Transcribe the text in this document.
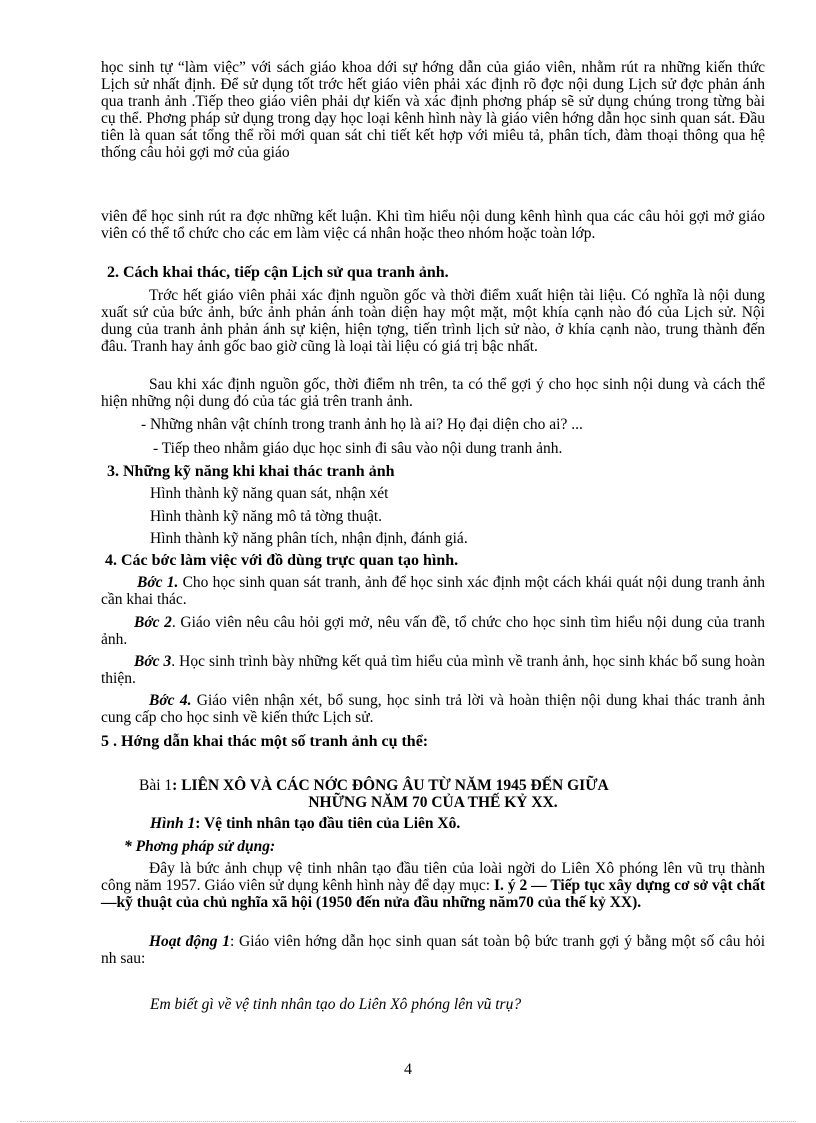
học sinh tự “làm việc” với sách giáo khoa dới sự hớng dẫn của giáo viên, nhằm rút ra những kiến thức Lịch sử nhất định. Để sử dụng tốt trớc hết giáo viên phải xác định rõ đợc nội dung Lịch sử đợc phản ánh qua tranh ảnh .Tiếp theo giáo viên phải dự kiến và xác định phơng pháp sẽ sử dụng chúng trong từng bài cụ thể. Phơng pháp sử dụng trong dạy học loại kênh hình này là giáo viên hớng dẫn học sinh quan sát. Đầu tiên là quan sát tổng thể rồi mới quan sát chi tiết kết hợp với miêu tả, phân tích, đàm thoại thông qua hệ thống câu hỏi gợi mở của giáo

viên để học sinh rút ra đợc những kết luận. Khi tìm hiểu nội dung kênh hình qua các câu hỏi gợi mở giáo viên có thể tổ chức cho các em làm việc cá nhân hoặc theo nhóm hoặc toàn lớp.

2. Cách khai thác, tiếp cận Lịch sử qua tranh ảnh.

Trớc hết giáo viên phải xác định nguồn gốc và thời điểm xuất hiện tài liệu. Có nghĩa là nội dung xuất sứ của bức ảnh, bức ảnh phản ánh toàn diện hay một mặt, một khía cạnh nào đó của Lịch sử. Nội dung của tranh ảnh phản ánh sự kiện, hiện tợng, tiến trình lịch sử nào, ở khía cạnh nào, trung thành đến đâu. Tranh hay ảnh gốc bao giờ cũng là loại tài liệu có giá trị bậc nhất.

Sau khi xác định nguồn gốc, thời điểm nh trên, ta có thể gợi ý cho học sinh nội dung và cách thể hiện những nội dung đó của tác giả trên tranh ảnh.

- Những nhân vật chính trong tranh ảnh họ là ai? Họ đại diện cho ai? ...

- Tiếp theo nhằm giáo dục học sinh đi sâu vào nội dung tranh ảnh.

3. Những kỹ năng khi khai thác tranh ảnh

Hình thành kỹ năng quan sát, nhận xét

Hình thành kỹ năng mô tả tờng thuật.

Hình thành kỹ năng phân tích, nhận định, đánh giá.

4. Các bớc làm việc với đồ dùng trực quan tạo hình.

Bớc 1. Cho học sinh quan sát tranh, ảnh để học sinh xác định một cách khái quát nội dung tranh ảnh cần khai thác.

Bớc 2. Giáo viên nêu câu hỏi gợi mở, nêu vấn đề, tổ chức cho học sinh tìm hiểu nội dung của tranh ảnh.

Bớc 3. Học sinh trình bày những kết quả tìm hiểu của mình về tranh ảnh, học sinh khác bổ sung hoàn thiện.

Bớc 4. Giáo viên nhận xét, bổ sung, học sinh trả lời và hoàn thiện nội dung khai thác tranh ảnh cung cấp cho học sinh về kiến thức Lịch sử.

5 . Hớng dẫn khai thác một số tranh ảnh cụ thể:

Bài 1: LIÊN XÔ VÀ CÁC NỚC ĐÔNG ÂU TỪ NĂM 1945 ĐẾN GIỮA

NHỮNG NĂM 70 CỦA THẾ KỶ XX.

Hình 1: Vệ tinh nhân tạo đầu tiên của Liên Xô.

* Phơng pháp sử dụng:

Đây là bức ảnh chụp vệ tinh nhân tạo đầu tiên của loài ngời do Liên Xô phóng lên vũ trụ thành công năm 1957. Giáo viên sử dụng kênh hình này để dạy mục: I. ý 2 — Tiếp tục xây dựng cơ sở vật chất —kỹ thuật của chủ nghĩa xã hội (1950 đến nửa đầu những năm70 của thế kỷ XX).

Hoạt động 1: Giáo viên hớng dẫn học sinh quan sát toàn bộ bức tranh gợi ý bằng một số câu hỏi nh sau:

Em biết gì về vệ tinh nhân tạo do Liên Xô phóng lên vũ trụ?

4
